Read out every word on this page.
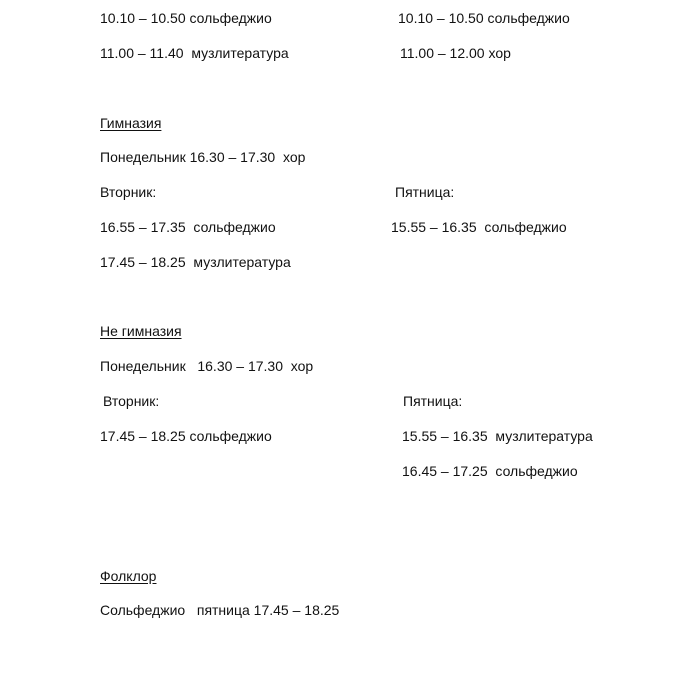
10.10 – 10.50 сольфеджио
11.00 – 11.40  музлитература
10.10 – 10.50 сольфеджио
11.00 – 12.00 хор
Гимназия
Понедельник 16.30 – 17.30  хор
Вторник:
16.55 – 17.35  сольфеджио
17.45 – 18.25  музлитература
Пятница:
15.55 – 16.35  сольфеджио
Не гимназия
Понедельник   16.30 – 17.30  хор
Вторник:
17.45 – 18.25 сольфеджио
Пятница:
15.55 – 16.35  музлитература
16.45 – 17.25  сольфеджио
Фолклор
Сольфеджио   пятница 17.45 – 18.25
